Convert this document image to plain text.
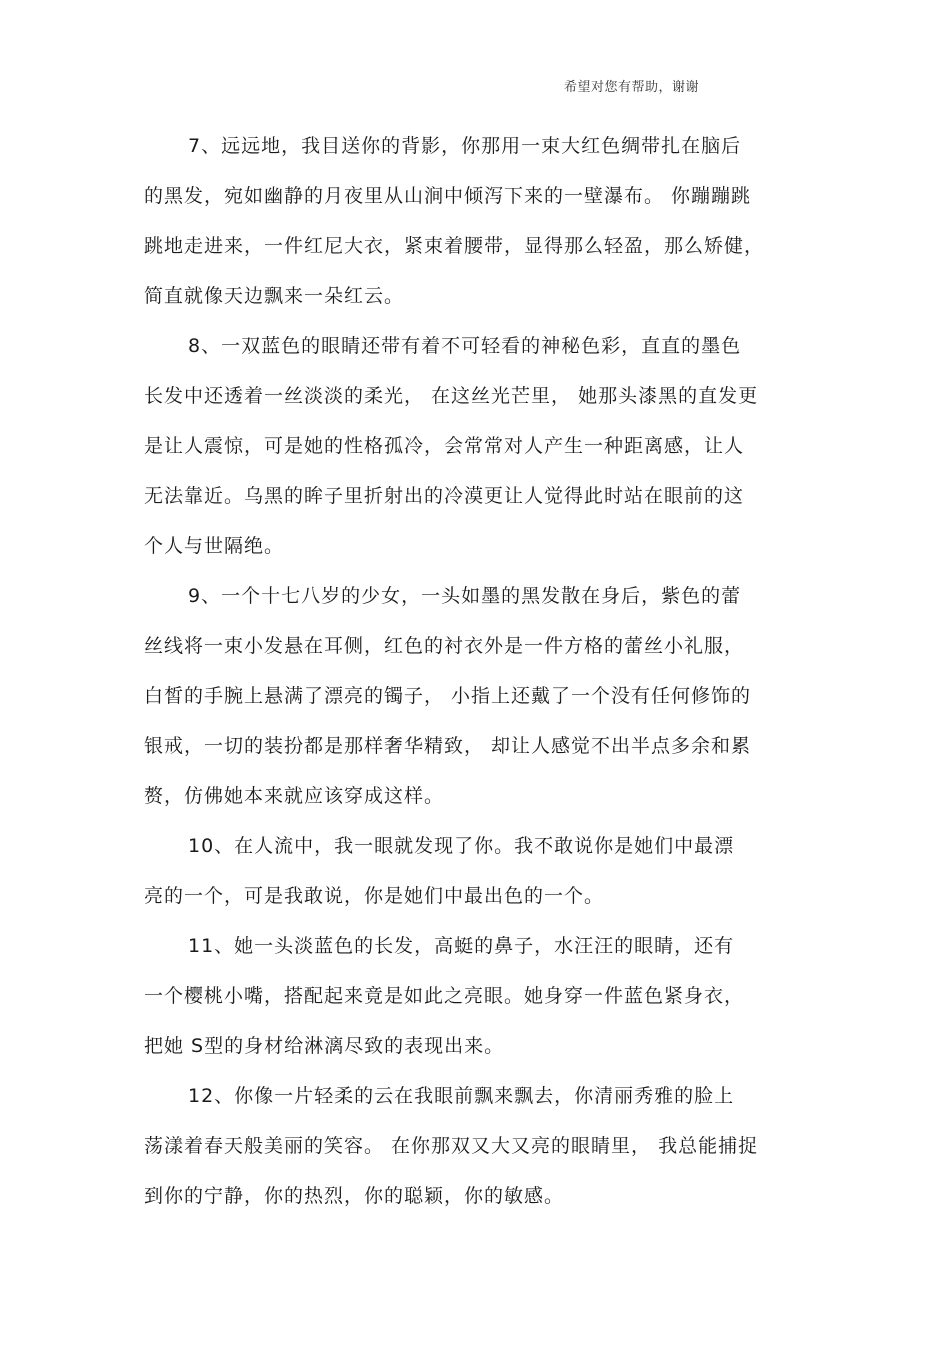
希望对您有帮助，谢谢
7、远远地，我目送你的背影，你那用一束大红色绸带扎在脑后
的黑发，宛如幽静的月夜里从山涧中倾泻下来的一壁瀑布。 你蹦蹦跳
跳地走进来，一件红尼大衣，紧束着腰带，显得那么轻盈，那么矫健，
简直就像天边飘来一朵红云。
8、一双蓝色的眼睛还带有着不可轻看的神秘色彩，直直的墨色
长发中还透着一丝淡淡的柔光， 在这丝光芒里， 她那头漆黑的直发更
是让人震惊，可是她的性格孤冷，会常常对人产生一种距离感，让人
无法靠近。乌黑的眸子里折射出的冷漠更让人觉得此时站在眼前的这
个人与世隔绝。
9、一个十七八岁的少女，一头如墨的黑发散在身后，紫色的蕾
丝线将一束小发悬在耳侧，红色的衬衣外是一件方格的蕾丝小礼服，
白皙的手腕上悬满了漂亮的镯子， 小指上还戴了一个没有任何修饰的
银戒，一切的装扮都是那样奢华精致， 却让人感觉不出半点多余和累
赘，仿佛她本来就应该穿成这样。
10、在人流中，我一眼就发现了你。我不敢说你是她们中最漂
亮的一个，可是我敢说，你是她们中最出色的一个。
11、她一头淡蓝色的长发，高蜓的鼻子，水汪汪的眼睛，还有
一个樱桃小嘴，搭配起来竟是如此之亮眼。她身穿一件蓝色紧身衣，
把她 S型的身材给淋漓尽致的表现出来。
12、你像一片轻柔的云在我眼前飘来飘去，你清丽秀雅的脸上
荡漾着春天般美丽的笑容。 在你那双又大又亮的眼睛里， 我总能捕捉
到你的宁静，你的热烈，你的聪颖，你的敏感。
